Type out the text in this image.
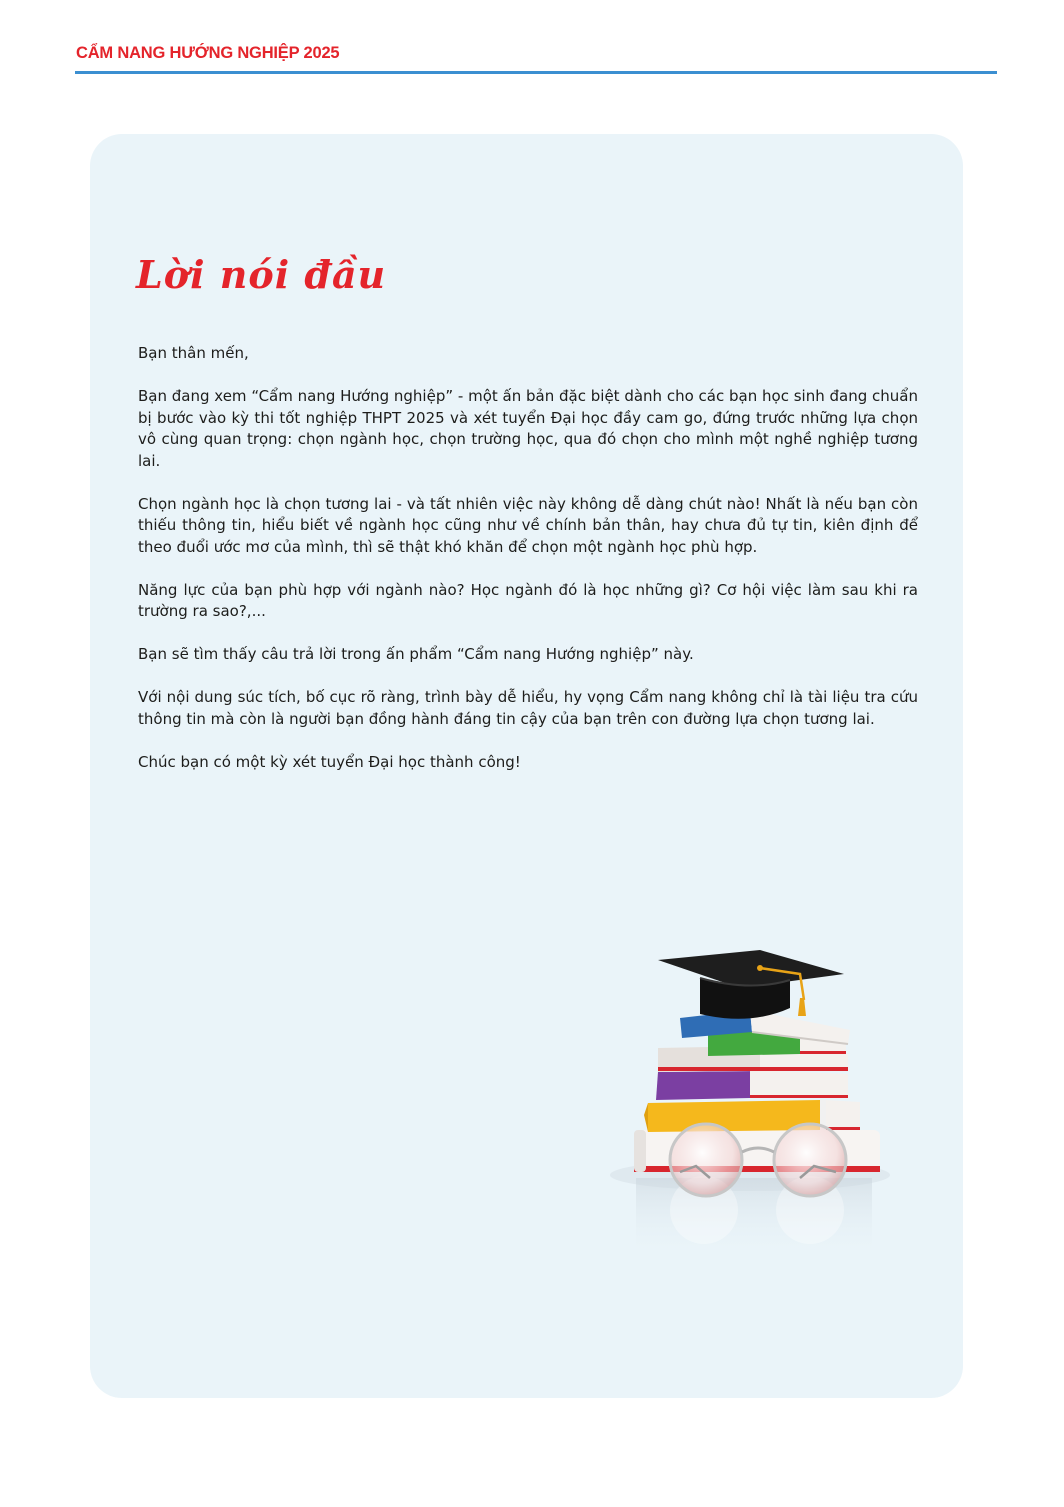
CẨM NANG HƯỚNG NGHIỆP 2025
Lời nói đầu

Bạn thân mến,

Bạn đang xem “Cẩm nang Hướng nghiệp” - một ấn bản đặc biệt dành cho các bạn học sinh đang chuẩn bị bước vào kỳ thi tốt nghiệp THPT 2025 và xét tuyển Đại học đầy cam go, đứng trước những lựa chọn vô cùng quan trọng: chọn ngành học, chọn trường học, qua đó chọn cho mình một nghề nghiệp tương lai.

Chọn ngành học là chọn tương lai - và tất nhiên việc này không dễ dàng chút nào! Nhất là nếu bạn còn thiếu thông tin, hiểu biết về ngành học cũng như về chính bản thân, hay chưa đủ tự tin, kiên định để theo đuổi ước mơ của mình, thì sẽ thật khó khăn để chọn một ngành học phù hợp.

Năng lực của bạn phù hợp với ngành nào? Học ngành đó là học những gì? Cơ hội việc làm sau khi ra trường ra sao?,...

Bạn sẽ tìm thấy câu trả lời trong ấn phẩm “Cẩm nang Hướng nghiệp” này.

Với nội dung súc tích, bố cục rõ ràng, trình bày dễ hiểu, hy vọng Cẩm nang không chỉ là tài liệu tra cứu thông tin mà còn là người bạn đồng hành đáng tin cậy của bạn trên con đường lựa chọn tương lai.

Chúc bạn có một kỳ xét tuyển Đại học thành công!
